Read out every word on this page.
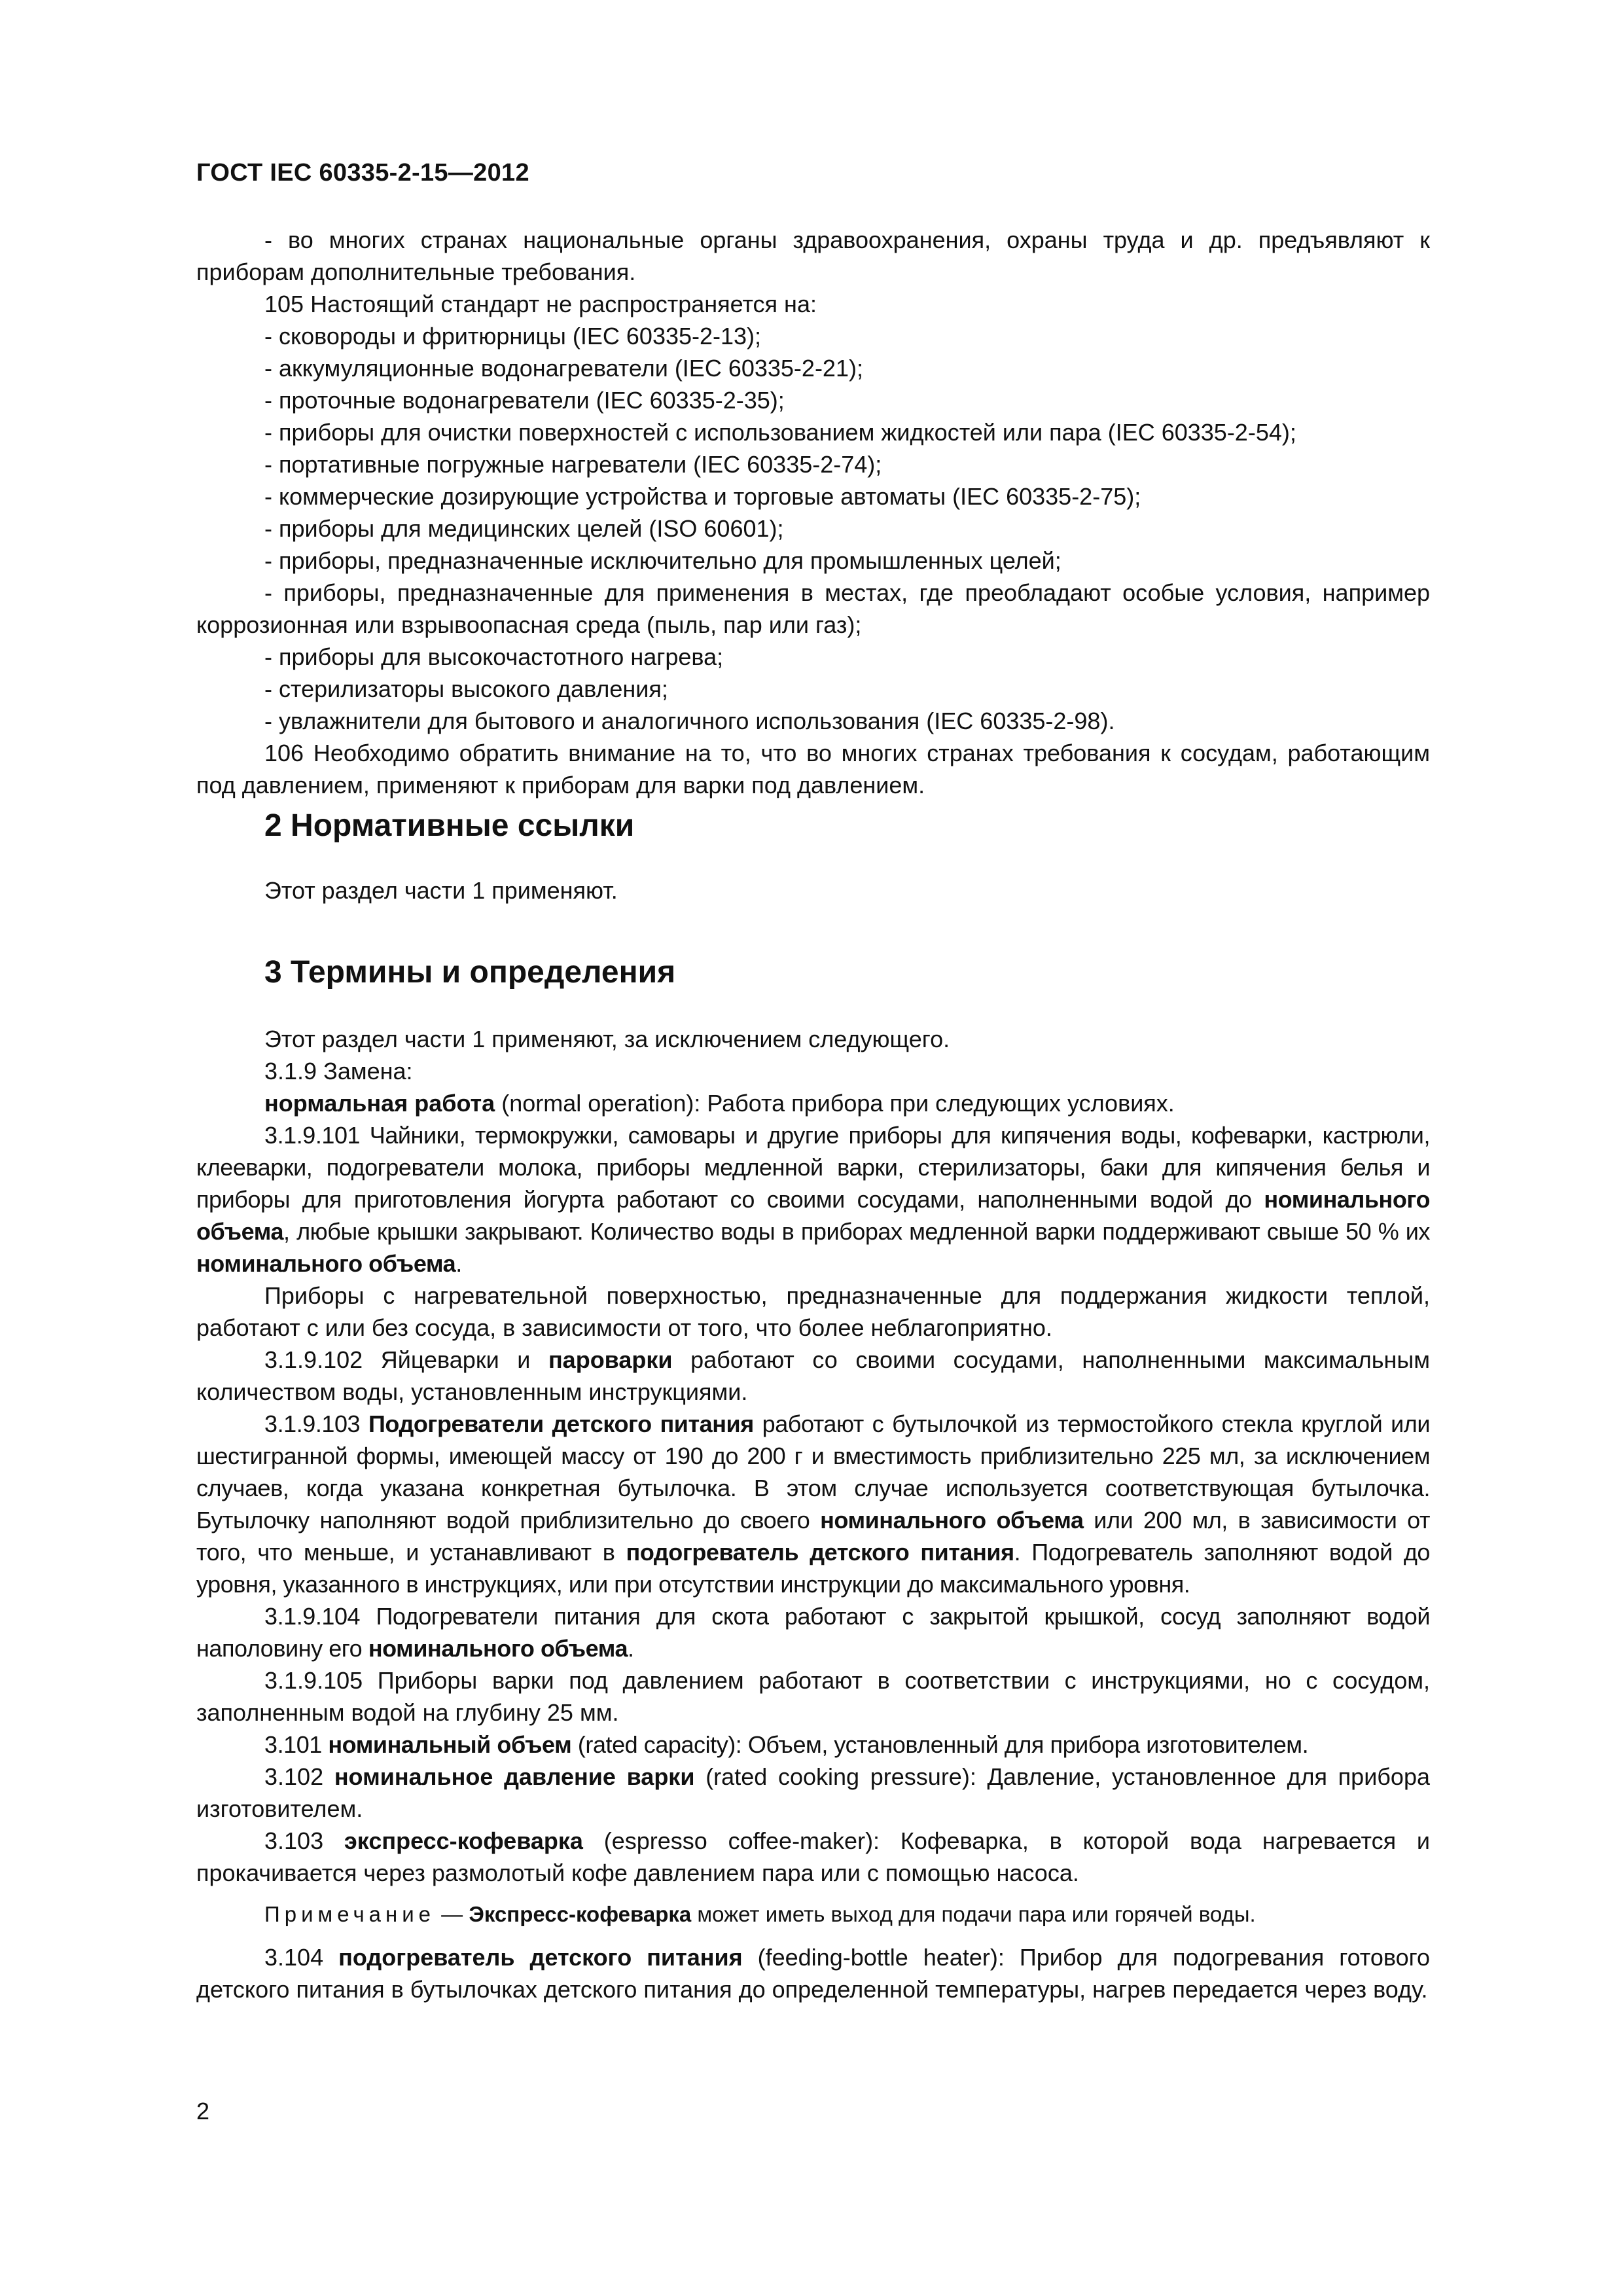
ГОСТ IEC 60335-2-15—2012

- во многих странах национальные органы здравоохранения, охраны труда и др. предъявляют к приборам дополнительные требования.

105 Настоящий стандарт не распространяется на:

- сковороды и фритюрницы (IEC 60335-2-13);

- аккумуляционные водонагреватели (IEC 60335-2-21);

- проточные водонагреватели (IEC 60335-2-35);

- приборы для очистки поверхностей с использованием жидкостей или пара (IEC 60335-2-54);

- портативные погружные нагреватели (IEC 60335-2-74);

- коммерческие дозирующие устройства и торговые автоматы (IEC 60335-2-75);

- приборы для медицинских целей (ISO 60601);

- приборы, предназначенные исключительно для промышленных целей;

- приборы, предназначенные для применения в местах, где преобладают особые условия, например коррозионная или взрывоопасная среда (пыль, пар или газ);

- приборы для высокочастотного нагрева;

- стерилизаторы высокого давления;

- увлажнители для бытового и аналогичного использования (IEC 60335-2-98).

106 Необходимо обратить внимание на то, что во многих странах требования к сосудам, работающим под давлением, применяют к приборам для варки под давлением.

2 Нормативные ссылки

Этот раздел части 1 применяют.

3 Термины и определения

Этот раздел части 1 применяют, за исключением следующего.

3.1.9 Замена:

нормальная работа (normal operation): Работа прибора при следующих условиях.

3.1.9.101 Чайники, термокружки, самовары и другие приборы для кипячения воды, кофеварки, кастрюли, клееварки, подогреватели молока, приборы медленной варки, стерилизаторы, баки для кипячения белья и приборы для приготовления йогурта работают со своими сосудами, наполненными водой до номинального объема, любые крышки закрывают. Количество воды в приборах медленной варки поддерживают свыше 50 % их номинального объема.

Приборы с нагревательной поверхностью, предназначенные для поддержания жидкости теплой, работают с или без сосуда, в зависимости от того, что более неблагоприятно.

3.1.9.102 Яйцеварки и пароварки работают со своими сосудами, наполненными максимальным количеством воды, установленным инструкциями.

3.1.9.103 Подогреватели детского питания работают с бутылочкой из термостойкого стекла круглой или шестигранной формы, имеющей массу от 190 до 200 г и вместимость приблизительно 225 мл, за исключением случаев, когда указана конкретная бутылочка. В этом случае используется соответствующая бутылочка. Бутылочку наполняют водой приблизительно до своего номинального объема или 200 мл, в зависимости от того, что меньше, и устанавливают в подогреватель детского питания. Подогреватель заполняют водой до уровня, указанного в инструкциях, или при отсутствии инструкции до максимального уровня.

3.1.9.104 Подогреватели питания для скота работают с закрытой крышкой, сосуд заполняют водой наполовину его номинального объема.

3.1.9.105 Приборы варки под давлением работают в соответствии с инструкциями, но с сосудом, заполненным водой на глубину 25 мм.

3.101 номинальный объем (rated capacity): Объем, установленный для прибора изготовителем.

3.102 номинальное давление варки (rated cooking pressure): Давление, установленное для прибора изготовителем.

3.103 экспресс-кофеварка (espresso coffee-maker): Кофеварка, в которой вода нагревается и прокачивается через размолотый кофе давлением пара или с помощью насоса.

Примечание — Экспресс-кофеварка может иметь выход для подачи пара или горячей воды.

3.104 подогреватель детского питания (feeding-bottle heater): Прибор для подогревания готового детского питания в бутылочках детского питания до определенной температуры, нагрев передается через воду.

2
